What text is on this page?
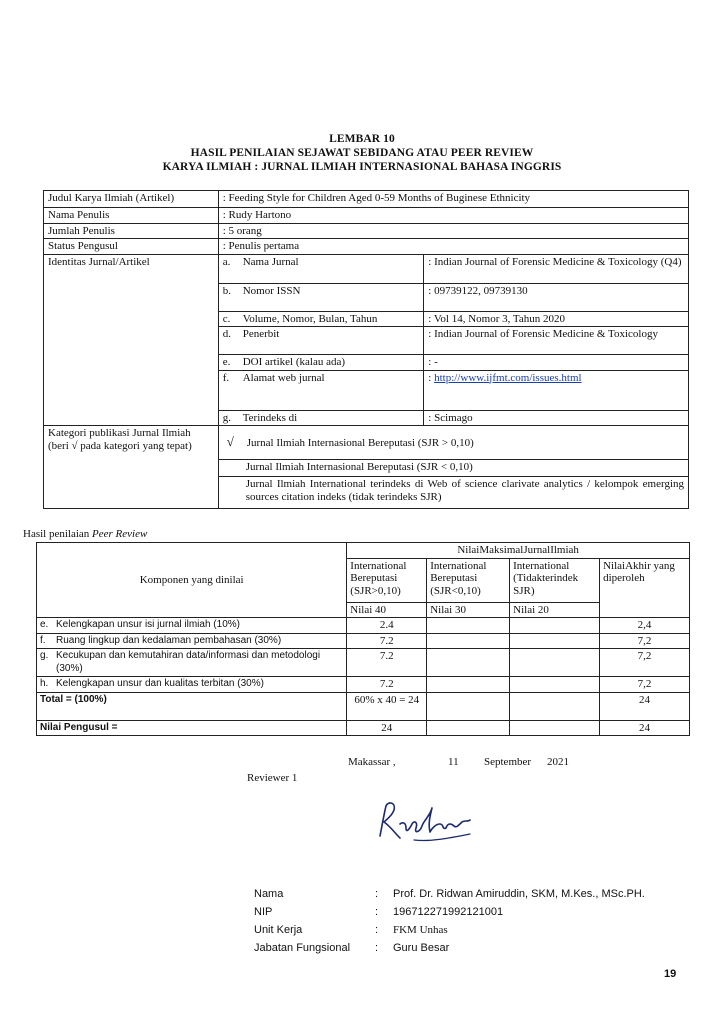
LEMBAR 10
HASIL PENILAIAN SEJAWAT SEBIDANG ATAU PEER REVIEW
KARYA ILMIAH : JURNAL ILMIAH INTERNASIONAL BAHASA INGGRIS
Judul Karya Ilmiah (Artikel)	: Feeding Style for Children Aged 0-59 Months of Buginese Ethnicity	
Nama Penulis	: Rudy Hartono	
Jumlah Penulis	: 5 orang	
Status Pengusul	: Penulis pertama	
Identitas Jurnal/Artikel	a. Nama Jurnal	: Indian Journal of Forensic Medicine & Toxicology (Q4)
	b. Nomor ISSN	: 09739122, 09739130
	c. Volume, Nomor, Bulan, Tahun	: Vol 14, Nomor 3, Tahun 2020
	d. Penerbit	: Indian Journal of Forensic Medicine & Toxicology
	e. DOI artikel (kalau ada)	: -
	f. Alamat web jurnal	: http://www.ijfmt.com/issues.html
	g. Terindeks di	: Scimago

Kategori publikasi Jurnal Ilmiah
(beri √ pada kategori yang tepat)	√ Jurnal Ilmiah Internasional Bereputasi (SJR > 0,10)	
	Jurnal Ilmiah Internasional Bereputasi (SJR < 0,10)	
	Jurnal Ilmiah International terindeks di Web of science clarivate analytics / kelompok emerging sources citation indeks (tidak terindeks SJR)	
Hasil penilaian Peer Review
Komponen yang dinilai	NilaiMaksimalJurnalIlmiah			
	International Bereputasi (SJR>0,10)	International Bereputasi (SJR<0,10)	International (Tidakterindek SJR)	NilaiAkhir yang diperoleh
	Nilai 40	Nilai 30	Nilai 20	
e. Kelengkapan unsur isi jurnal ilmiah (10%)	2.4			2,4
f. Ruang lingkup dan kedalaman pembahasan (30%)	7.2			7,2

g. Kecukupan dan kemutahiran data/informasi dan metodologi (30%)	7.2			7,2
h. Kelengkapan unsur dan kualitas terbitan (30%)	7.2			7,2
Total = (100%)	60% x 40 = 24			24
Nilai Pengusul =	24			24
Makassar ,	11 September 2021
Reviewer 1
Nama	: Prof. Dr. Ridwan Amiruddin, SKM, M.Kes., MSc.PH.
NIP	: 196712271992121001
Unit Kerja	: FKM Unhas
Jabatan Fungsional : Guru Besar
19
